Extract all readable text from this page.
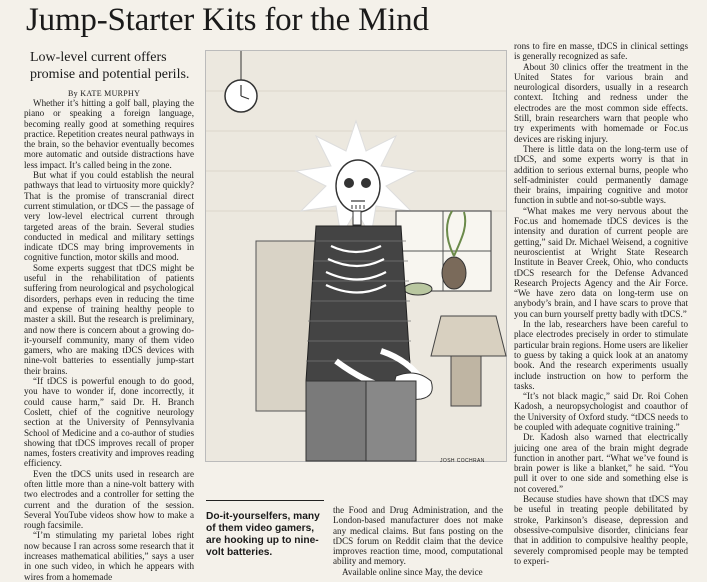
Jump-Starter Kits for the Mind
Low-level current offers promise and potential perils.
By KATE MURPHY

Whether it’s hitting a golf ball, playing the piano or speaking a foreign language, becoming really good at something requires practice. Repetition creates neural pathways in the brain, so the behavior eventually becomes more automatic and outside distractions have less impact. It’s called being in the zone.

But what if you could establish the neural pathways that lead to virtuosity more quickly? That is the promise of transcranial direct current stimulation, or tDCS — the passage of very low-level electrical current through targeted areas of the brain. Several studies conducted in medical and military settings indicate tDCS may bring improvements in cognitive function, motor skills and mood.

Some experts suggest that tDCS might be useful in the rehabilitation of patients suffering from neurological and psychological disorders, perhaps even in reducing the time and expense of training healthy people to master a skill. But the research is preliminary, and now there is concern about a growing do-it-yourself community, many of them video gamers, who are making tDCS devices with nine-volt batteries to essentially jump-start their brains.

“If tDCS is powerful enough to do good, you have to wonder if, done incorrectly, it could cause harm,” said Dr. H. Branch Coslett, chief of the cognitive neurology section at the University of Pennsylvania School of Medicine and a co-author of studies showing that tDCS improves recall of proper names, fosters creativity and improves reading efficiency.

Even the tDCS units used in research are often little more than a nine-volt battery with two electrodes and a controller for setting the current and the duration of the session. Several YouTube videos show how to make a rough facsimile.

“I’m stimulating my parietal lobes right now because I ran across some research that it increases mathematical abilities,” says a user in one such video, in which he appears with wires from a homemade

JOSH COCHRAN
Do-it-yourselfers, many of them video gamers, are hooking up to nine-volt batteries.

the Food and Drug Administration, and the London-based manufacturer does not make any medical claims. But fans posting on the tDCS forum on Reddit claim that the device improves reaction time, mood, computational ability and memory.

Available online since May, the device

rons to fire en masse, tDCS in clinical settings is generally recognized as safe.

About 30 clinics offer the treatment in the United States for various brain and neurological disorders, usually in a research context. Itching and redness under the electrodes are the most common side effects. Still, brain researchers warn that people who try experiments with homemade or Foc.us devices are risking injury.

There is little data on the long-term use of tDCS, and some experts worry is that in addition to serious external burns, people who self-administer could permanently damage their brains, impairing cognitive and motor function in subtle and not-so-subtle ways.

“What makes me very nervous about the Foc.us and homemade tDCS devices is the intensity and duration of current people are getting,” said Dr. Michael Weisend, a cognitive neuroscientist at Wright State Research Institute in Beaver Creek, Ohio, who conducts tDCS research for the Defense Advanced Research Projects Agency and the Air Force. “We have zero data on long-term use on anybody’s brain, and I have scars to prove that you can burn yourself pretty badly with tDCS.”

In the lab, researchers have been careful to place electrodes precisely in order to stimulate particular brain regions. Home users are likelier to guess by taking a quick look at an anatomy book. And the research experiments usually include instruction on how to perform the tasks.

“It’s not black magic,” said Dr. Roi Cohen Kadosh, a neuropsychologist and coauthor of the University of Oxford study. “tDCS needs to be coupled with adequate cognitive training.”

Dr. Kadosh also warned that electrically juicing one area of the brain might degrade function in another part. “What we’ve found is brain power is like a blanket,” he said. “You pull it over to one side and something else is not covered.”

Because studies have shown that tDCS may be useful in treating people debilitated by stroke, Parkinson’s disease, depression and obsessive-compulsive disorder, clinicians fear that in addition to compulsive healthy people, severely compromised people may be tempted to experi-
